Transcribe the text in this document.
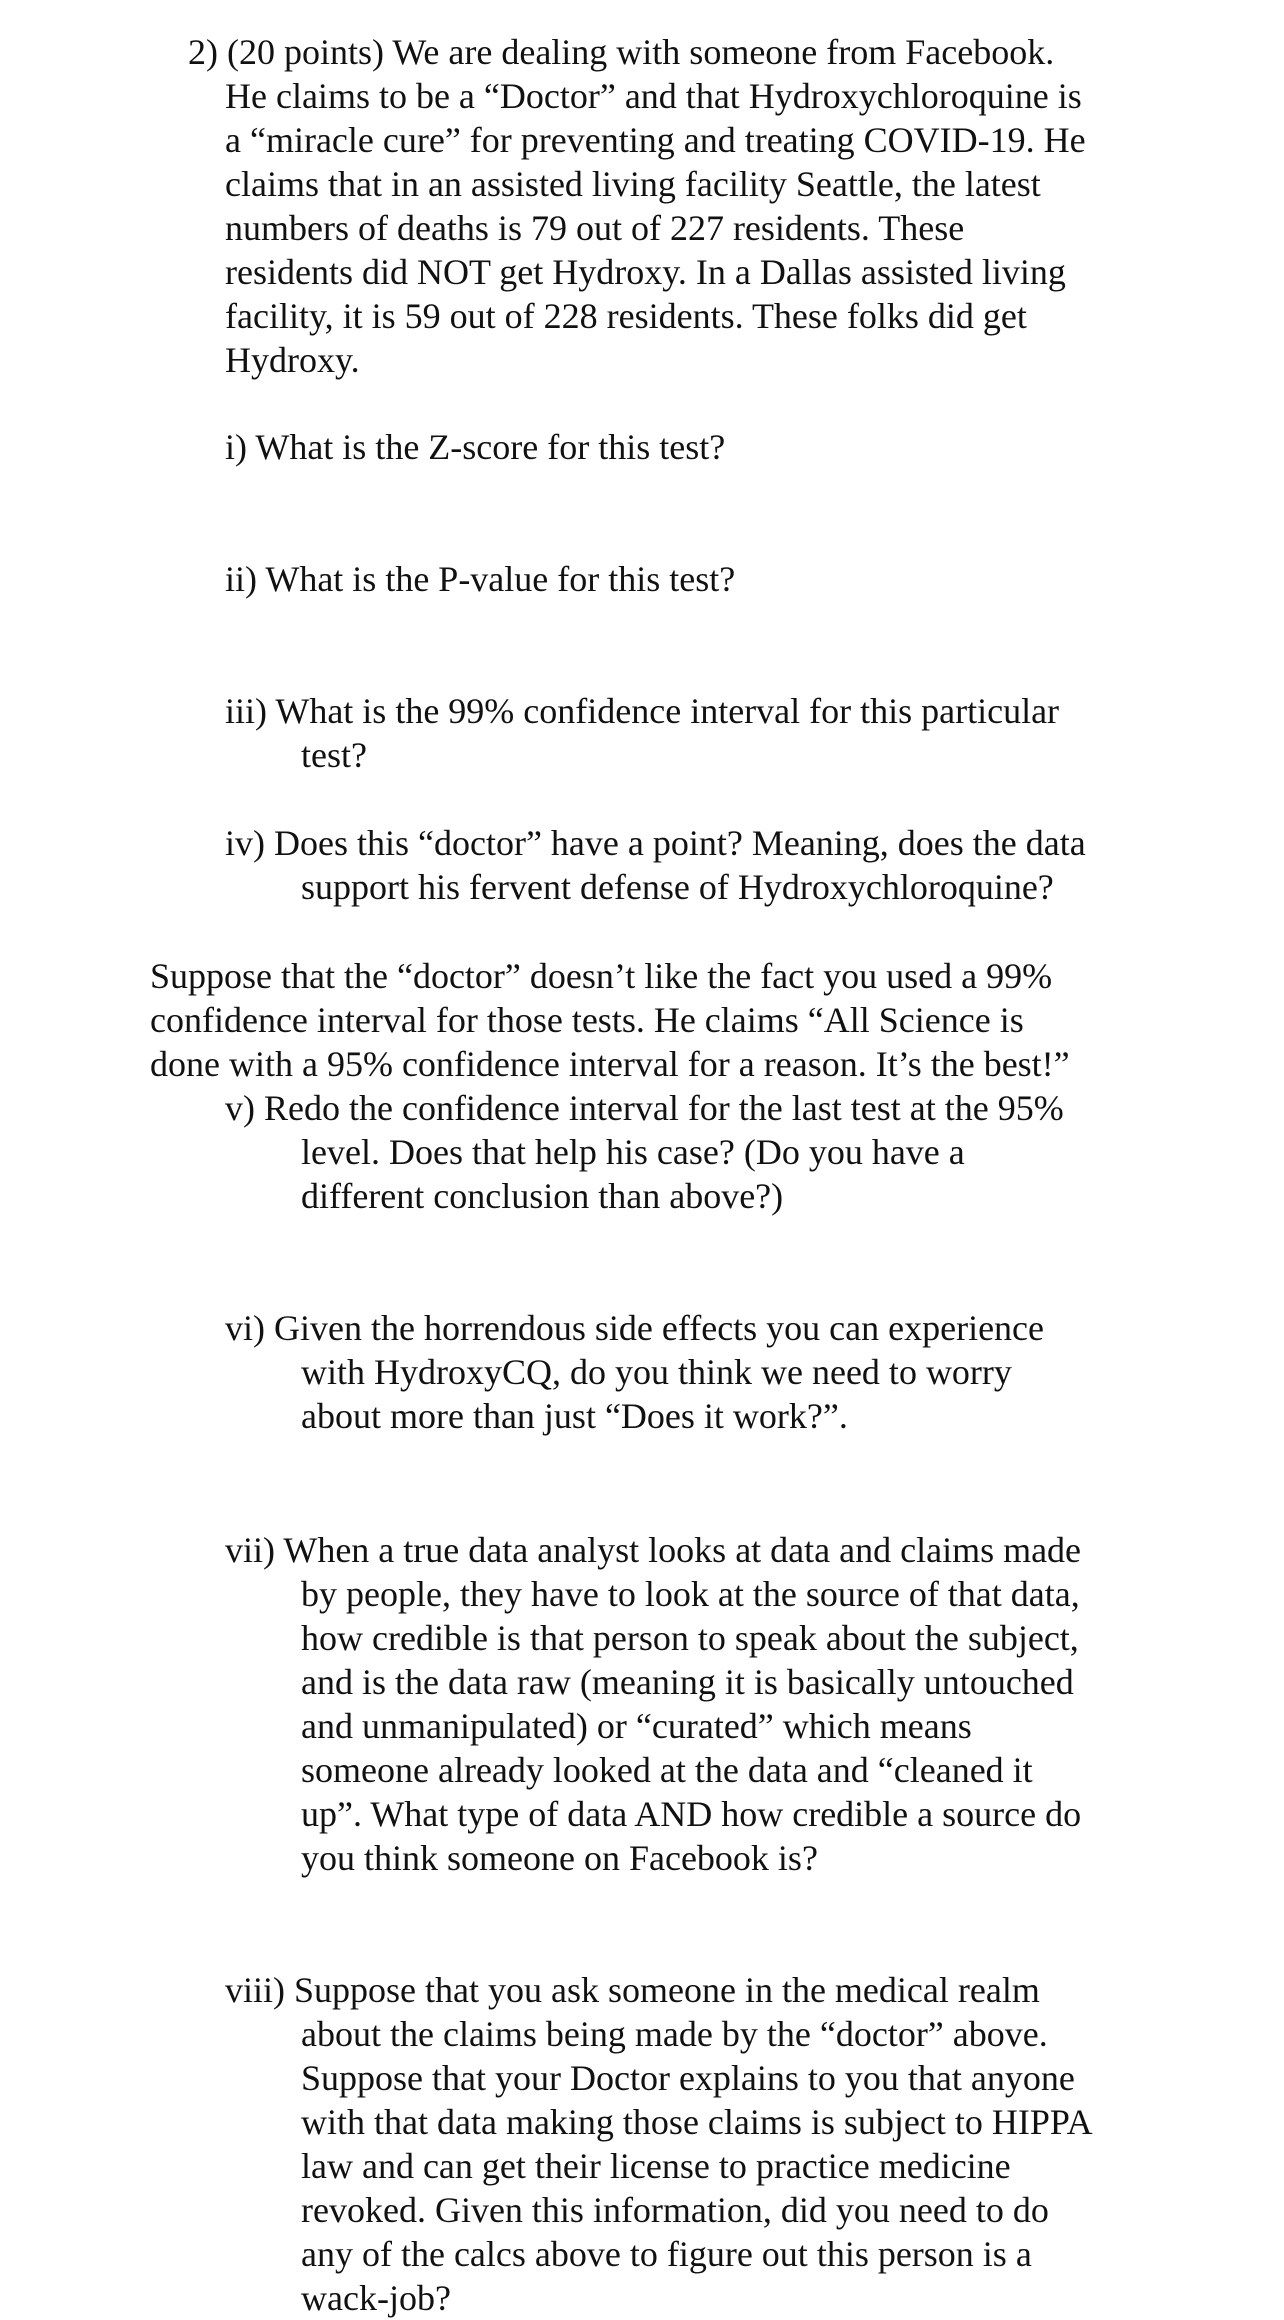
2) (20 points) We are dealing with someone from Facebook.
He claims to be a “Doctor” and that Hydroxychloroquine is
a “miracle cure” for preventing and treating COVID-19. He
claims that in an assisted living facility Seattle, the latest
numbers of deaths is 79 out of 227 residents. These
residents did NOT get Hydroxy. In a Dallas assisted living
facility, it is 59 out of 228 residents. These folks did get
Hydroxy.

i) What is the Z-score for this test?

ii) What is the P-value for this test?

iii) What is the 99% confidence interval for this particular
test?

iv) Does this “doctor” have a point? Meaning, does the data
support his fervent defense of Hydroxychloroquine?

Suppose that the “doctor” doesn’t like the fact you used a 99%
confidence interval for those tests. He claims “All Science is
done with a 95% confidence interval for a reason. It’s the best!”

v) Redo the confidence interval for the last test at the 95%
level. Does that help his case? (Do you have a
different conclusion than above?)

vi) Given the horrendous side effects you can experience
with HydroxyCQ, do you think we need to worry
about more than just “Does it work?”.

vii) When a true data analyst looks at data and claims made
by people, they have to look at the source of that data,
how credible is that person to speak about the subject,
and is the data raw (meaning it is basically untouched
and unmanipulated) or “curated” which means
someone already looked at the data and “cleaned it
up”. What type of data AND how credible a source do
you think someone on Facebook is?

viii) Suppose that you ask someone in the medical realm
about the claims being made by the “doctor” above.
Suppose that your Doctor explains to you that anyone
with that data making those claims is subject to HIPPA
law and can get their license to practice medicine
revoked. Given this information, did you need to do
any of the calcs above to figure out this person is a
wack-job?
